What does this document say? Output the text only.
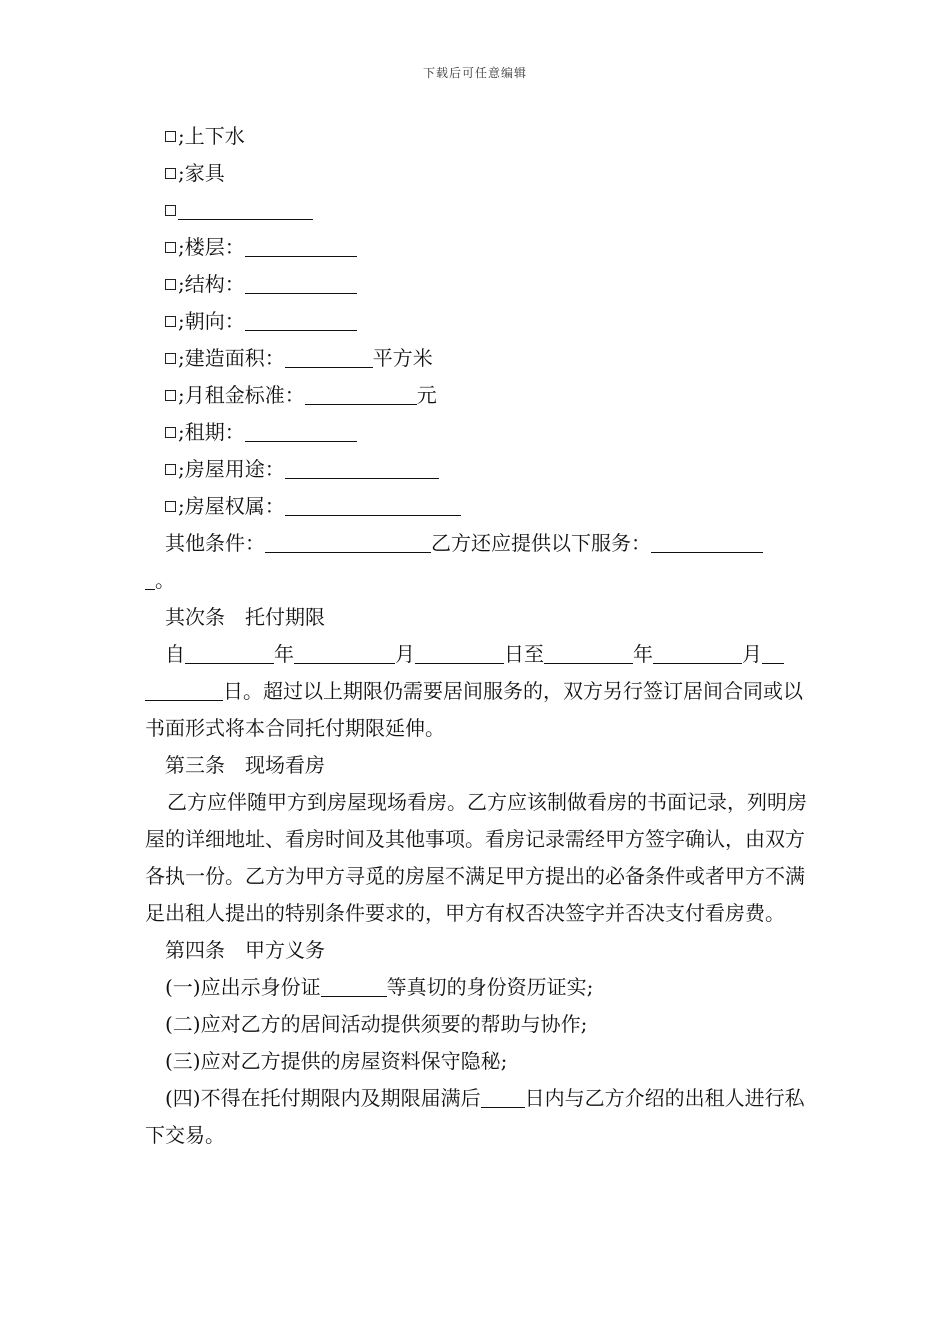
下载后可任意编辑
;上下水
;家具
;楼层：
;结构：
;朝向：
;建造面积：	平方米
;月租金标准：	元
;租期：
;房屋用途：
;房屋权属：
其他条件：	乙方还应提供以下服务：
。
其次条　托付期限
自	年	月	日至	年	月
日。超过以上期限仍需要居间服务的，双方另行签订居间合同或以书面形式将本合同托付期限延伸。
第三条　现场看房
乙方应伴随甲方到房屋现场看房。乙方应该制做看房的书面记录，列明房屋的详细地址、看房时间及其他事项。看房记录需经甲方签字确认，由双方各执一份。乙方为甲方寻觅的房屋不满足甲方提出的必备条件或者甲方不满足出租人提出的特别条件要求的，甲方有权否决签字并否决支付看房费。
第四条　甲方义务
(一)应出示身份证	等真切的身份资历证实;
(二)应对乙方的居间活动提供须要的帮助与协作;
(三)应对乙方提供的房屋资料保守隐秘;
(四)不得在托付期限内及期限届满后 日内与乙方介绍的出租人进行私下交易。
